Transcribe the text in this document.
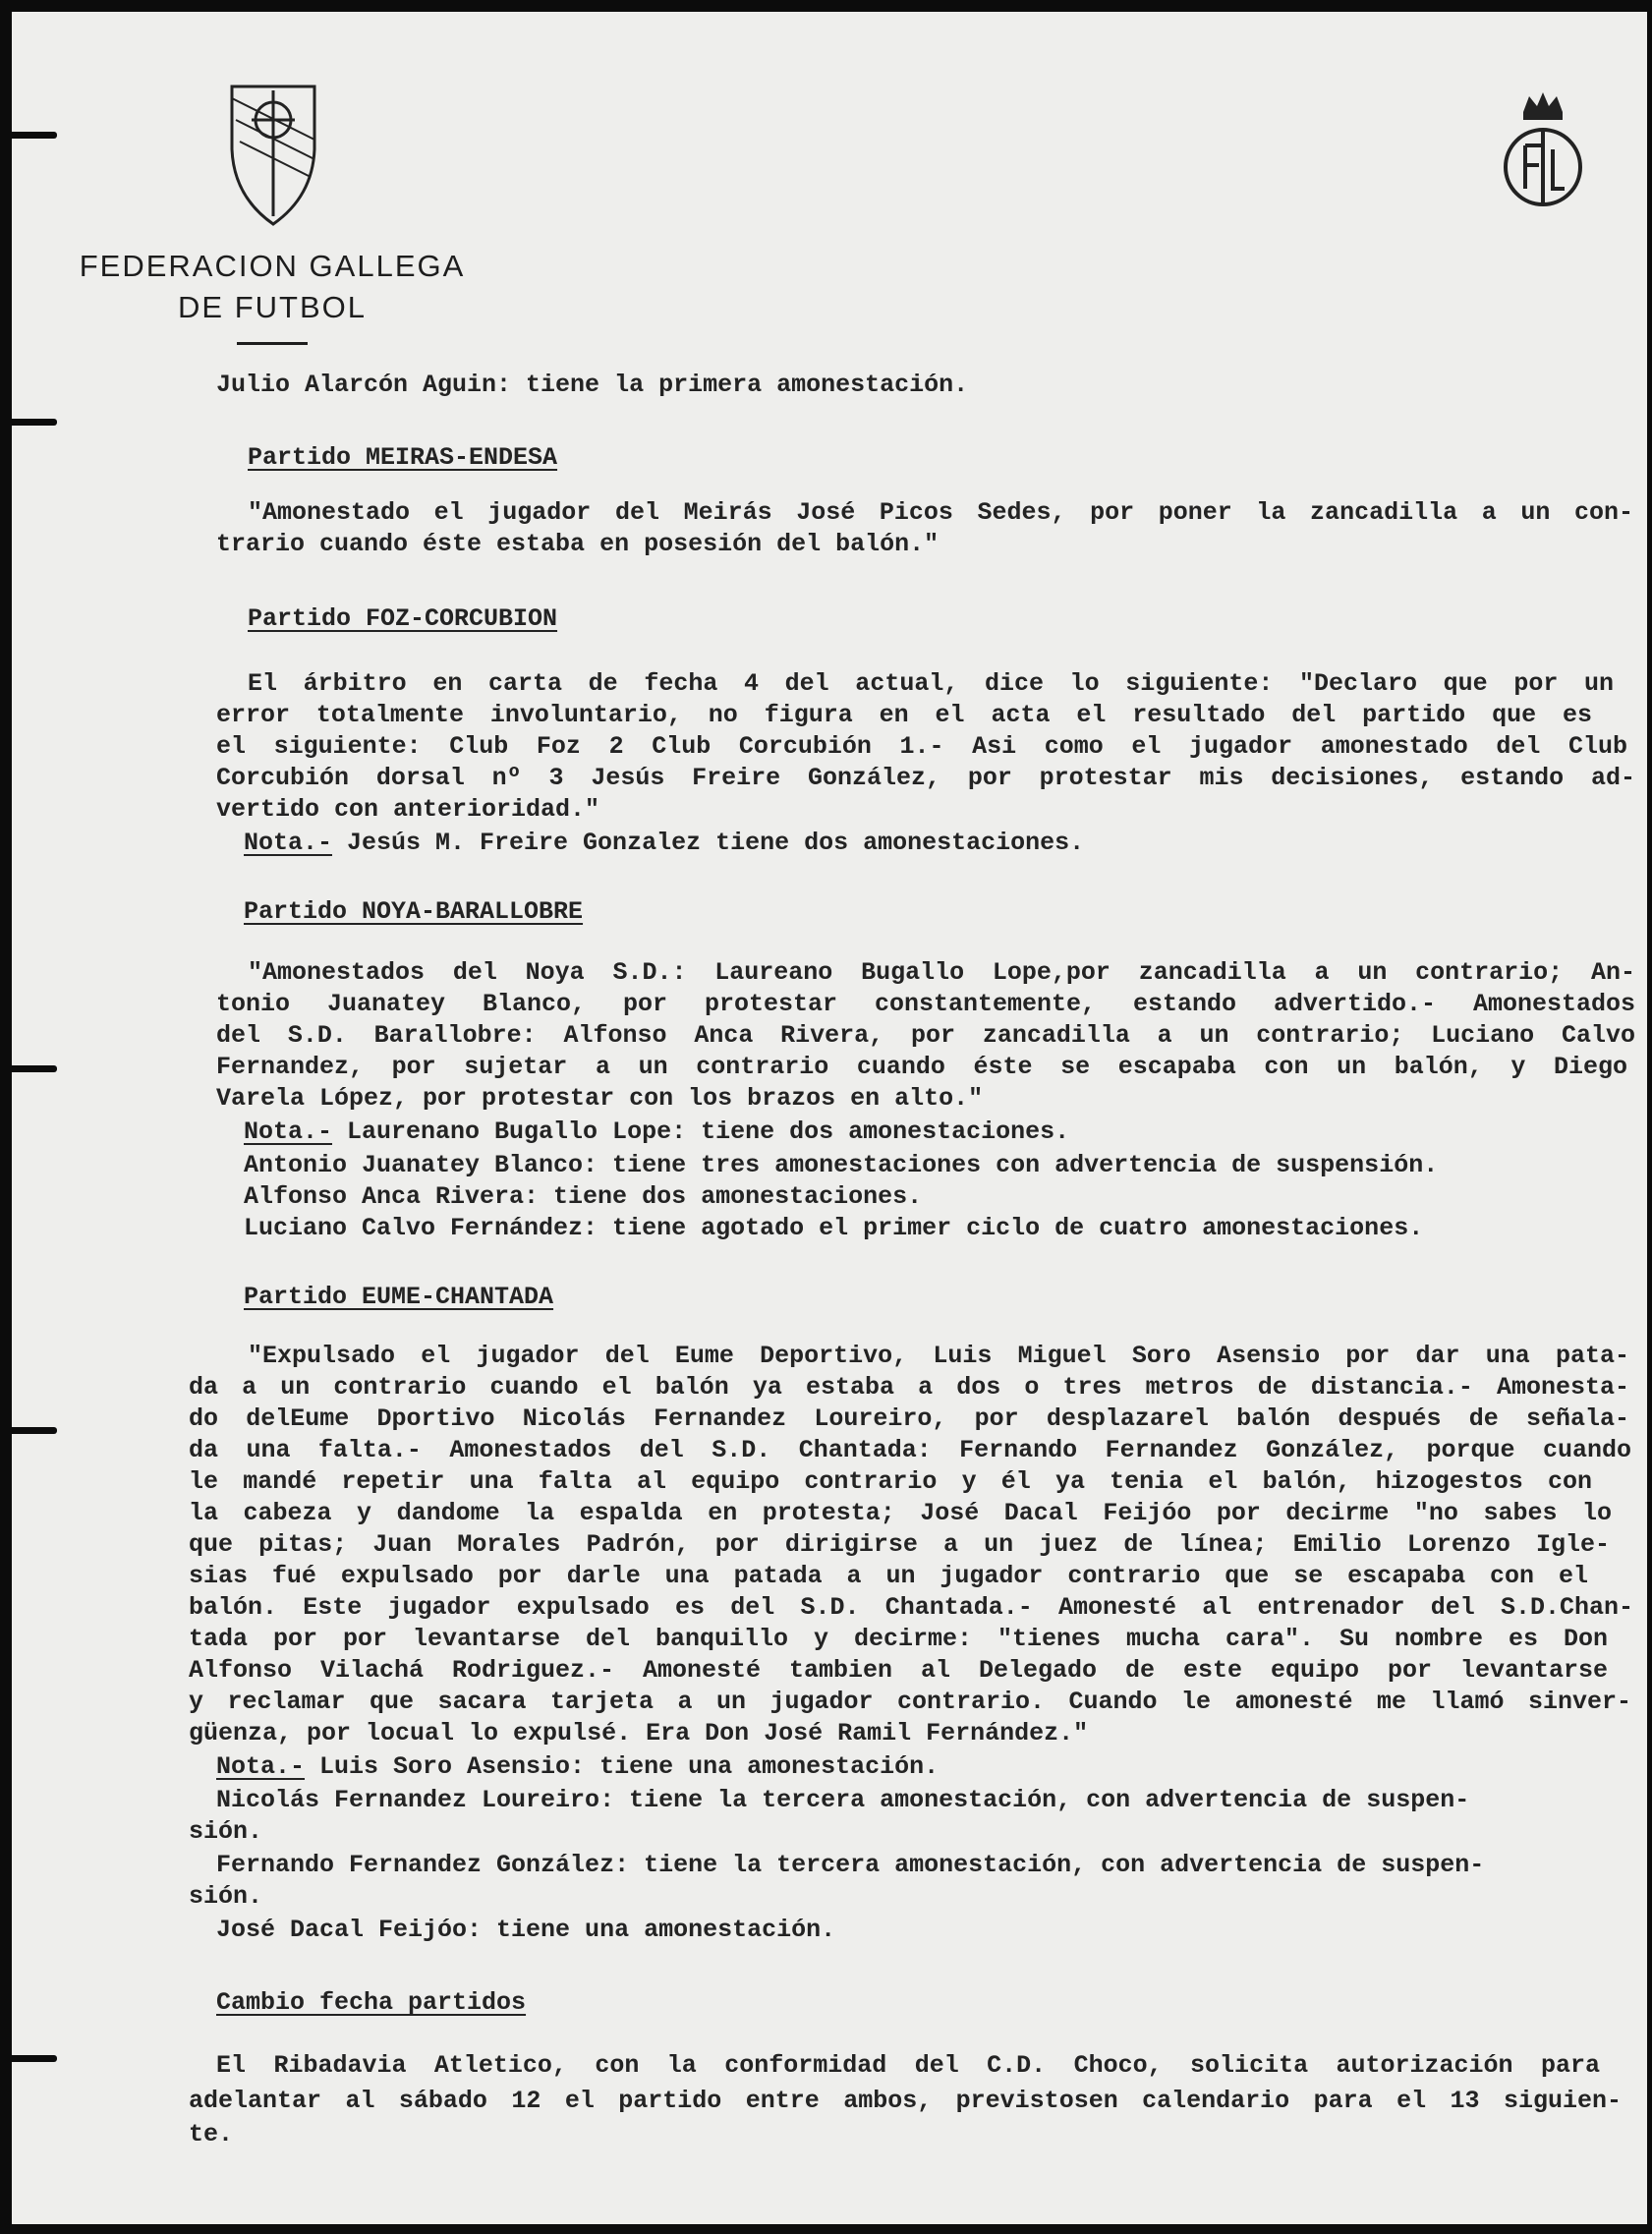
FEDERACION GALLEGA
DE FUTBOL
Julio Alarcón Aguin: tiene la primera amonestación.
Partido MEIRAS-ENDESA
"Amonestado el jugador del Meirás José Picos Sedes, por poner la zancadilla a un con-
trario cuando éste estaba en posesión del balón."
Partido FOZ-CORCUBION
El árbitro en carta de fecha 4 del actual, dice lo siguiente: "Declaro que por un
error totalmente involuntario, no figura en el acta el resultado del partido que es
el siguiente: Club Foz 2 Club Corcubión 1.- Asi como el jugador amonestado del Club
Corcubión dorsal nº 3 Jesús Freire González, por protestar mis decisiones, estando ad-
vertido con anterioridad."
Nota.- Jesús M. Freire Gonzalez tiene dos amonestaciones.
Partido NOYA-BARALLOBRE
"Amonestados del Noya S.D.: Laureano Bugallo Lope,por zancadilla a un contrario; An-
tonio Juanatey Blanco, por protestar constantemente, estando advertido.- Amonestados
del S.D. Barallobre: Alfonso Anca Rivera, por zancadilla a un contrario; Luciano Calvo
Fernandez, por sujetar a un contrario cuando éste se escapaba con un balón, y Diego
Varela López, por protestar con los brazos en alto."
Nota.- Laurenano Bugallo Lope: tiene dos amonestaciones.
Antonio Juanatey Blanco: tiene tres amonestaciones con advertencia de suspensión.
Alfonso Anca Rivera: tiene dos amonestaciones.
Luciano Calvo Fernández: tiene agotado el primer ciclo de cuatro amonestaciones.
Partido EUME-CHANTADA
"Expulsado el jugador del Eume Deportivo, Luis Miguel Soro Asensio por dar una pata-
da a un contrario cuando el balón ya estaba a dos o tres metros de distancia.- Amonesta-
do delEume Dportivo Nicolás Fernandez Loureiro, por desplazarel balón después de señala-
da una falta.- Amonestados del S.D. Chantada: Fernando Fernandez González, porque cuando
le mandé repetir una falta al equipo contrario y él ya tenia el balón, hizogestos con
la cabeza y dandome la espalda en protesta; José Dacal Feijóo por decirme "no sabes lo
que pitas; Juan Morales Padrón, por dirigirse a un juez de línea; Emilio Lorenzo Igle-
sias fué expulsado por darle una patada a un jugador contrario que se escapaba con el
balón. Este jugador expulsado es del S.D. Chantada.- Amonesté al entrenador del S.D.Chan-
tada por por levantarse del banquillo y decirme: "tienes mucha cara". Su nombre es Don
Alfonso Vilachá Rodriguez.- Amonesté tambien al Delegado de este equipo por levantarse
y reclamar que sacara tarjeta a un jugador contrario. Cuando le amonesté me llamó sinver-
güenza, por locual lo expulsé. Era Don José Ramil Fernández."
Nota.- Luis Soro Asensio: tiene una amonestación.
Nicolás Fernandez Loureiro: tiene la tercera amonestación, con advertencia de suspen-
sión.
Fernando Fernandez González: tiene la tercera amonestación, con advertencia de suspen-
sión.
José Dacal Feijóo: tiene una amonestación.
Cambio fecha partidos
El Ribadavia Atletico, con la conformidad del C.D. Choco, solicita autorización para
adelantar al sábado 12 el partido entre ambos, previstosen calendario para el 13 siguien-
te.
